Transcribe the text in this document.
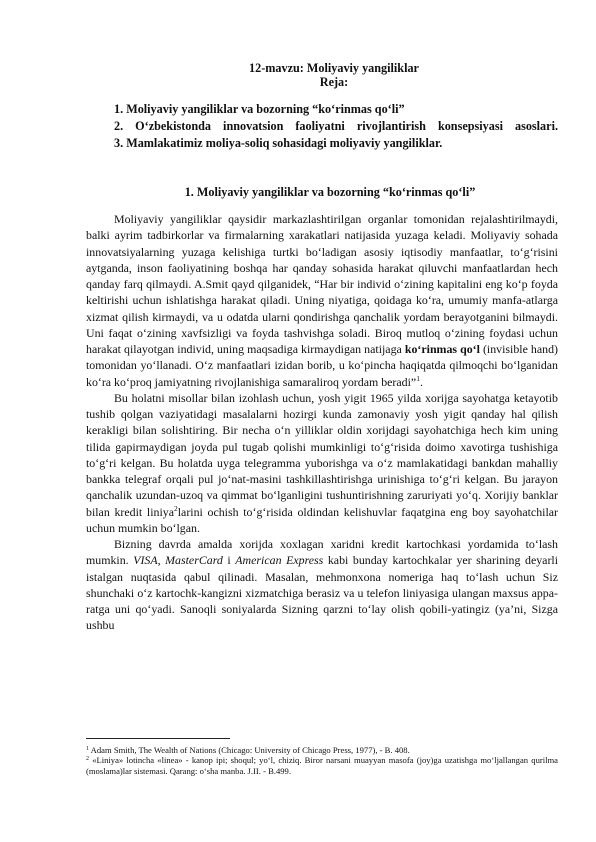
12-mavzu: Moliyaviy yangiliklar
Reja:
1. Moliyaviy yangiliklar va bozorning “ko‘rinmas qo‘li”
2. O‘zbekistonda innovatsion faoliyatni rivojlantirish konsepsiyasi asoslari.
3. Mamlakatimiz moliya-soliq sohasidagi moliyaviy yangiliklar.
1. Moliyaviy yangiliklar va bozorning “ko‘rinmas qo‘li”

Moliyaviy yangiliklar qaysidir markazlashtirilgan organlar tomonidan rejalashtirilmaydi, balki ayrim tadbirkorlar va firmalarning xarakatlari natijasida yuzaga keladi. Moliyaviy sohada innovatsiyalarning yuzaga kelishiga turtki bo‘ladigan asosiy iqtisodiy manfaatlar, to‘g‘risini aytganda, inson faoliyatining boshqa har qanday sohasida harakat qiluvchi manfaatlardan hech qanday farq qilmaydi. A.Smit qayd qilganidek, “Har bir individ o‘zining kapitalini eng ko‘p foyda keltirishi uchun ishlatishga harakat qiladi. Uning niyatiga, qoidaga ko‘ra, umumiy manfa-atlarga xizmat qilish kirmaydi, va u odatda ularni qondirishga qanchalik yordam berayotganini bilmaydi. Uni faqat o‘zining xavfsizligi va foyda tashvishga soladi. Biroq mutloq o‘zining foydasi uchun harakat qilayotgan individ, uning maqsadiga kirmaydigan natijaga ko‘rinmas qo‘l (invisible hand) tomonidan yo‘llanadi. O‘z manfaatlari izidan borib, u ko‘pincha haqiqatda qilmoqchi bo‘lganidan ko‘ra ko‘proq jamiyatning rivojlanishiga samaraliroq yordam beradi”$^1$.

Bu holatni misollar bilan izohlash uchun, yosh yigit 1965 yilda xorijga sayohatga ketayotib tushib qolgan vaziyatidagi masalalarni hozirgi kunda zamonaviy yosh yigit qanday hal qilish kerakligi bilan solishtiring. Bir necha o‘n yilliklar oldin xorijdagi sayohatchiga hech kim uning tilida gapirmaydigan joyda pul tugab qolishi mumkinligi to‘g‘risida doimo xavotirga tushishiga to‘g‘ri kelgan. Bu holatda uyga telegramma yuborishga va o‘z mamlakatidagi bankdan mahalliy bankka telegraf orqali pul jo‘nat-masini tashkillashtirishga urinishiga to‘g‘ri kelgan. Bu jarayon qanchalik uzundan-uzoq va qimmat bo‘lganligini tushuntirishning zaruriyati yo‘q. Xorijiy banklar bilan kredit liniya$^2$larini ochish to‘g‘risida oldindan kelishuvlar faqatgina eng boy sayohatchilar uchun mumkin bo‘lgan.

Bizning davrda amalda xorijda xoxlagan xaridni kredit kartochkasi yordamida to‘lash mumkin. VISA, MasterCard i American Express kabi bunday kartochkalar yer sharining deyarli istalgan nuqtasida qabul qilinadi. Masalan, mehmonxona nomeriga haq to‘lash uchun Siz shunchaki o‘z kartochk-kangizni xizmatchiga berasiz va u telefon liniyasiga ulangan maxsus appa-ratga uni qo‘yadi. Sanoqli soniyalarda Sizning qarzni to‘lay olish qobili-yatingiz (ya’ni, Sizga ushbu

$^1$ Adam Smith, The Wealth of Nations (Chicago: University of Chicago Press, 1977), - B. 408.

$^2$ «Liniya» lotincha «linea» - kanop ipi; shoqul; yo‘l, chiziq. Biror narsani muayyan masofa (joy)ga uzatishga mo‘ljallangan qurilma (moslama)lar sistemasi. Qarang: o‘sha manba. J.II. - B.499.
